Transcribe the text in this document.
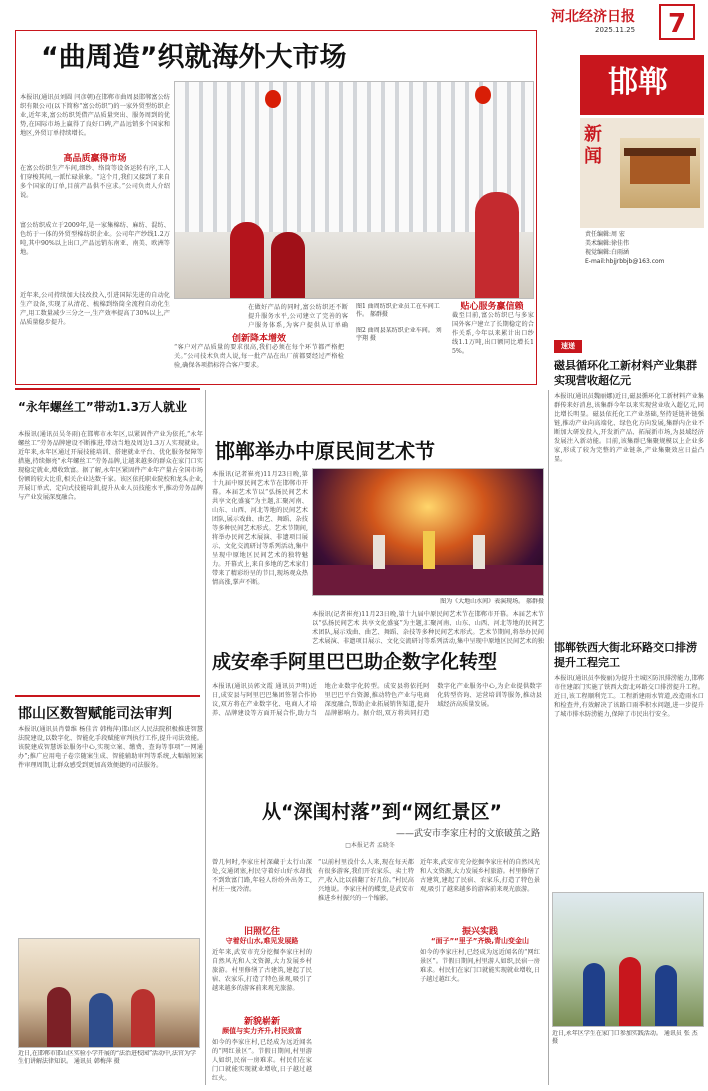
“曲周造”织就海外大市场
本报讯(通讯员刘圆 闫彦朝)在邯郸市曲周县邯郸富公纺织有限公司(以下简称“富公纺织”)的一家外贸型纺织企业,近年来,富公纺织凭借产品质量突出、服务周到的优势,在国际市场上赢得了良好口碑,产品远销多个国家和地区,外贸订单持续增长。
高品质赢得市场
在富公纺织生产车间,细纱、络筒等设备运转有序,工人们穿梭其间,一派忙碌景象。“这个月,我们又接到了来自多个国家的订单,目前产品供不应求。”公司负责人介绍说。
富公纺织成立于2009年,是一家集棉纺、麻纺、混纺、色纺于一体的外贸型棉纺织企业。公司年产纱线1.2万吨,其中90%以上出口,产品远销东南亚、南美、欧洲等地。
近年来,公司持续加大技改投入,引进国际先进的自动化生产设备,实现了从清花、梳棉到络筒全流程自动化生产,用工数量减少三分之一,生产效率提高了30%以上,产品质量稳步提升。
图1 曲周纺织企业员工在车间工作。 郝群摄
图2 曲周县某纺织企业车间。 刘宇翔 摄
创新降本增效
“客户对产品质量的要求很高,我们必须在每个环节都严格把关。”公司技术负责人说,每一批产品在出厂前都要经过严格检验,确保各项指标符合客户要求。
在做好产品的同时,富公纺织还不断提升服务水平,公司建立了完善的客户服务体系,为客户提供从订单确
贴心服务赢信赖
截至目前,富公纺织已与多家国外客户建立了长期稳定的合作关系,今年以来累计出口纱线1.1万吨,出口额同比增长15%。
河北经济日报
2025.11.25	7
邯郸
新闻
责任编辑:周 宏
美术编辑:徐佳伟
视觉编辑:白雨涵
E-mail:hbjjrbbjb@163.com
“永年螺丝工”带动1.3万人就业
本报讯(通讯员吴冬雨)在邯郸市永年区,以紧固件产业为依托,“永年螺丝工”劳务品牌建设不断推进,带动当地及周边1.3万人实现就业。近年来,永年区通过开展技能培训、搭建就业平台、优化服务保障等措施,持续擦亮“永年螺丝工”劳务品牌,让越来越多的群众在家门口实现稳定就业,增收致富。据了解,永年区紧固件产业年产量占全国市场份额的较大比重,相关企业达数千家。该区依托职业院校和龙头企业,开展订单式、定向式技能培训,提升从业人员技能水平,推动劳务品牌与产业发展深度融合。
邯山区数智赋能司法审判
本报讯(通讯员肖曾维 杨佳音 韩梅萍)邯山区人民法院积极推进智慧法院建设,以数字化、智能化手段赋能审判执行工作,提升司法效能。该院建成智慧诉讼服务中心,实现立案、缴费、查询等事项“一网通办”;推广应用电子卷宗随案生成、智能辅助审判等系统,大幅缩短案件审理周期,让群众感受到更加高效便捷的司法服务。
近日,在邯郸市邯山区实验小学开展的“法治进校园”活动中,法官为学生们讲解法律知识。 通讯员 韩梅萍 摄
邯郸举办中原民间艺术节
本报讯(记者崔亮)11月23日晚,第十九届中原民间艺术节在邯郸市开幕。本届艺术节以“弘扬民间艺术 共享文化盛宴”为主题,汇聚河南、山东、山西、河北等地的民间艺术团队,展示戏曲、曲艺、舞蹈、杂技等多种民间艺术形式。艺术节期间,将举办民间艺术展演、非遗项目展示、文化交流研讨等系列活动,集中呈现中原地区民间艺术的独特魅力。开幕式上,来自多地的艺术家们带来了精彩纷呈的节目,现场观众热情高涨,掌声不断。
图为《大地山水间》表演现场。 郝群摄
本报讯(记者崔亮)11月23日晚,第十九届中原民间艺术节在邯郸市开幕。本届艺术节以“弘扬民间艺术 共享文化盛宴”为主题,汇聚河南、山东、山西、河北等地的民间艺术团队,展示戏曲、曲艺、舞蹈、杂技等多种民间艺术形式。艺术节期间,将举办民间艺术展演、非遗项目展示、文化交流研讨等系列活动,集中呈现中原地区民间艺术的独
成安牵手阿里巴巴助企数字化转型
本报讯(通讯员郭文霞 通讯员尹明)近日,成安县与阿里巴巴集团签署合作协议,双方将在产业数字化、电商人才培养、品牌建设等方面开展合作,助力当地企业数字化转型。成安县将依托阿里巴巴平台资源,推动特色产业与电商深度融合,帮助企业拓展销售渠道,提升品牌影响力。据介绍,双方将共同打造数字化产业服务中心,为企业提供数字化转型咨询、运营培训等服务,推动县域经济高质量发展。
从“深闺村落”到“网红景区”
——武安市李家庄村的文旅破茧之路
□本报记者 孟晓冬
曾几何时,李家庄村深藏于太行山深处,交通闭塞,村民守着好山好水却找不到致富门路,年轻人纷纷外出务工,村庄一度冷清。
旧照忆往
守着好山水,难见发展路
近年来,武安市充分挖掘李家庄村的自然风光和人文资源,大力发展乡村旅游。村里修缮了古建筑,建起了民宿、农家乐,打造了特色景观,吸引了越来越多的游客前来观光旅游。
新貌崭新
颜值与实力齐升,村民致富
如今的李家庄村,已经成为远近闻名的“网红景区”。节假日期间,村里游人如织,民宿一房难求。村民们在家门口就能实现就业增收,日子越过越红火。
“以前村里没什么人来,现在每天都有很多游客,我们开农家乐、卖土特产,收入比以前翻了好几倍。”村民高兴地说。李家庄村的蝶变,是武安市推进乡村振兴的一个缩影。
近年来,武安市充分挖掘李家庄村的自然风光和人文资源,大力发展乡村旅游。村里修缮了古建筑,建起了民宿、农家乐,打造了特色景观,吸引了越来越多的游客前来观光旅游。
振兴实践
“面子”“里子”齐焕,青山变金山
如今的李家庄村,已经成为远近闻名的“网红景区”。节假日期间,村里游人如织,民宿一房难求。村民们在家门口就能实现就业增收,日子越过越红火。
速递
磁县循环化工新材料产业集群实现营收超亿元
本报讯(通讯员魏丽娜)近日,磁县循环化工新材料产业集群传来好消息,该集群今年以来实现营业收入超亿元,同比增长明显。磁县依托化工产业基础,坚持延链补链强链,推动产业向高端化、绿色化方向发展,集群内企业不断加大研发投入,开发新产品、拓展新市场,为县域经济发展注入新动能。目前,该集群已集聚规模以上企业多家,形成了较为完整的产业链条,产业集聚效应日益凸显。
邯郸铁西大街北环路交口排涝提升工程完工
本报讯(通讯员李俊丽)为提升主城区防汛排涝能力,邯郸市住建部门实施了铁西大街北环路交口排涝提升工程。近日,该工程顺利完工。工程新建雨水管道,改造雨水口和检查井,有效解决了该路口雨季积水问题,进一步提升了城市排水防涝能力,保障了市民出行安全。
近日,永年区学生在家门口参加实践活动。 通讯员 张 杰 摄
